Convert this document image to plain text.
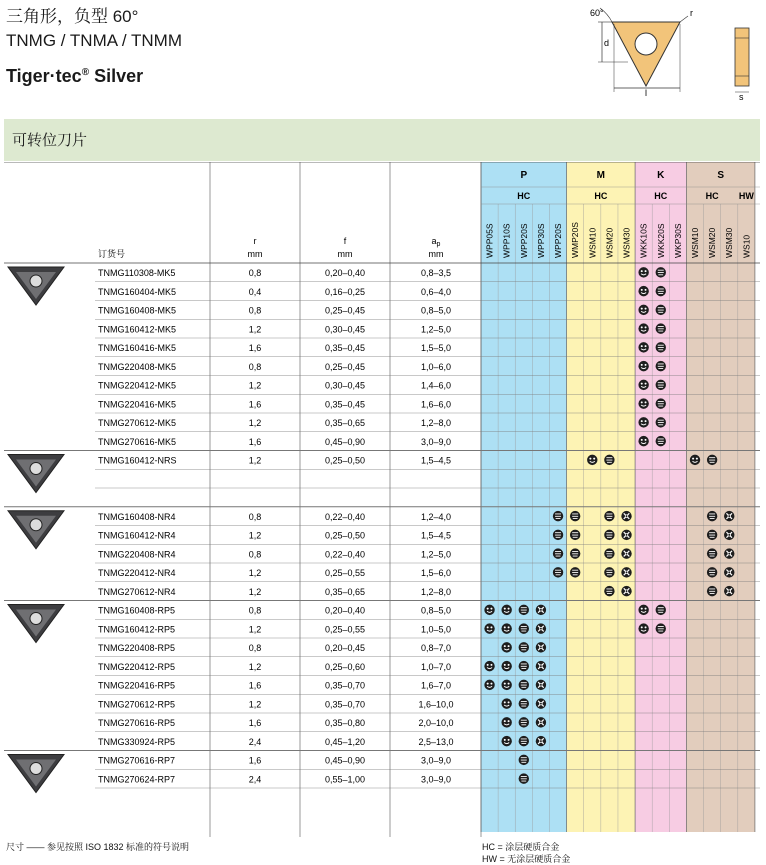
三角形，负型 60°
TNMG / TNMA / TNMM
Tiger·tec® Silver
60°	r
d
l	s
可转位刀片
P
HC
WPP05S WPP10S WPP20S WPP30S WPP20S
M
HC
WMP20S WSM10 WSM20 WSM30
K
HC
WKK10S WKK20S WKP30S
S
HC HW
WSM10 WSM20 WSM30 WS10
订货号
r
mm
f
mm
$a_p$
mm
TNMG110308-MK5	0,8	0,20–0,40	0,8–3,5
TNMG160404-MK5	0,4	0,16–0,25	0,6–4,0
TNMG160408-MK5	0,8	0,25–0,45	0,8–5,0
TNMG160412-MK5	1,2	0,30–0,45	1,2–5,0
TNMG160416-MK5	1,6	0,35–0,45	1,5–5,0
TNMG220408-MK5	0,8	0,25–0,45	1,0–6,0
TNMG220412-MK5	1,2	0,30–0,45	1,4–6,0
TNMG220416-MK5	1,6	0,35–0,45	1,6–6,0
TNMG270612-MK5	1,2	0,35–0,65	1,2–8,0
TNMG270616-MK5	1,6	0,45–0,90	3,0–9,0
TNMG160412-NRS	1,2	0,25–0,50	1,5–4,5
TNMG160408-NR4	0,8	0,22–0,40	1,2–4,0
TNMG160412-NR4	1,2	0,25–0,50	1,5–4,5
TNMG220408-NR4	0,8	0,22–0,40	1,2–5,0
TNMG220412-NR4	1,2	0,25–0,55	1,5–6,0
TNMG270612-NR4	1,2	0,35–0,65	1,2–8,0
TNMG160408-RP5	0,8	0,20–0,40	0,8–5,0
TNMG160412-RP5	1,2	0,25–0,55	1,0–5,0
TNMG220408-RP5	0,8	0,20–0,45	0,8–7,0
TNMG220412-RP5	1,2	0,25–0,60	1,0–7,0
TNMG220416-RP5	1,6	0,35–0,70	1,6–7,0
TNMG270612-RP5	1,2	0,35–0,70	1,6–10,0
TNMG270616-RP5	1,6	0,35–0,80	2,0–10,0
TNMG330924-RP5	2,4	0,45–1,20	2,5–13,0
TNMG270616-RP7	1,6	0,45–0,90	3,0–9,0
TNMG270624-RP7	2,4	0,55–1,00	3,0–9,0
尺寸 —— 参见按照 ISO 1832 标准的符号说明	HC = 涂层硬质合金
HW = 无涂层硬质合金
